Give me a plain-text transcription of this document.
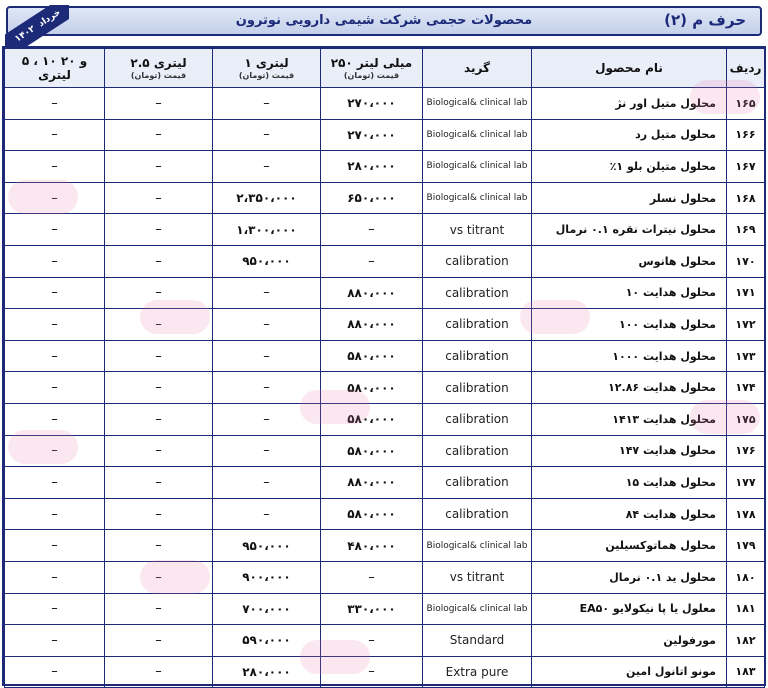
خرداد
۱۴۰۲
محصولات حجمی شرکت شیمی دارویی نوترون	حرف م (۲)
۵ ، ۱۰ و ۲۰ لیتری	۲.۵ لیتری
قیمت (تومان)	۱ لیتری
قیمت (تومان)	۲۵۰ میلی لیتر
قیمت (تومان)	گرید	نام محصول	ردیف
–	–	–	۲۷۰،۰۰۰	Biological& clinical lab	محلول متیل اور نژ	۱۶۵
–	–	–	۲۷۰،۰۰۰	Biological& clinical lab	محلول متیل رد	۱۶۶
–	–	–	۲۸۰،۰۰۰	Biological& clinical lab	محلول متیلن بلو ۱٪	۱۶۷
–	–	۲،۳۵۰،۰۰۰	۶۵۰،۰۰۰	Biological& clinical lab	محلول نسلر	۱۶۸
–	–	۱،۳۰۰،۰۰۰	–	vs titrant	محلول نیترات نقره ۰.۱ نرمال	۱۶۹
–	–	۹۵۰،۰۰۰	–	calibration	محلول هانوس	۱۷۰
–	–	–	۸۸۰،۰۰۰	calibration	محلول هدایت ۱۰	۱۷۱
–	–	–	۸۸۰،۰۰۰	calibration	محلول هدایت ۱۰۰	۱۷۲
–	–	–	۵۸۰،۰۰۰	calibration	محلول هدایت ۱۰۰۰	۱۷۳
–	–	–	۵۸۰،۰۰۰	calibration	محلول هدایت ۱۲.۸۶	۱۷۴
–	–	–	۵۸۰،۰۰۰	calibration	محلول هدایت ۱۴۱۳	۱۷۵
–	–	–	۵۸۰،۰۰۰	calibration	محلول هدایت ۱۴۷	۱۷۶
–	–	–	۸۸۰،۰۰۰	calibration	محلول هدایت ۱۵	۱۷۷
–	–	–	۵۸۰،۰۰۰	calibration	محلول هدایت ۸۴	۱۷۸
–	–	۹۵۰،۰۰۰	۴۸۰،۰۰۰	Biological& clinical lab	محلول هماتوکسیلین	۱۷۹
–	–	۹۰۰،۰۰۰	–	vs titrant	محلول ید ۰.۱ نرمال	۱۸۰
–	–	۷۰۰،۰۰۰	۳۳۰،۰۰۰	Biological& clinical lab	معلول یا پا نیکولایو EA۵۰	۱۸۱
–	–	۵۹۰،۰۰۰	–	Standard	مورفولین	۱۸۲
–	–	۲۸۰،۰۰۰	–	Extra pure	مونو اتانول امین	۱۸۳
